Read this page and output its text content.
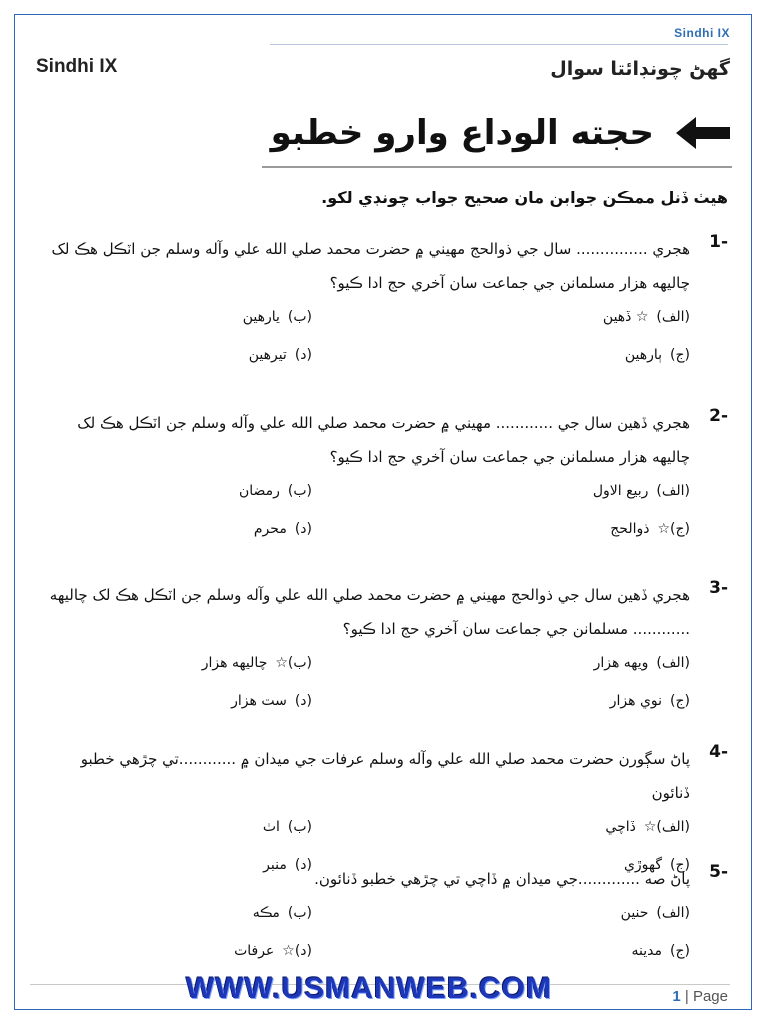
Sindhi IX
Sindhi IX	گهڻ چونڊائتا سوال
حجته الوداع وارو خطبو
هيٺ ڏنل ممڪن جوابن مان صحيح جواب چونڊي لکو.
-1
هجري ............... سال جي ذوالحج مهيني ۾ حضرت محمد صلي الله علي وآله وسلم جن اٽڪل هڪ لک چاليهه هزار مسلمانن جي جماعت سان آخري حج ادا ڪيو؟
(الف)☆ ڏهين
(ب)يارهين
(ج)ٻارهين
(د)تيرهين
-2
هجري ڏهين سال جي ............ مهيني ۾ حضرت محمد صلي الله علي وآله وسلم جن اٽڪل هڪ لک چاليهه هزار مسلمانن جي جماعت سان آخري حج ادا ڪيو؟
(الف)ربيع الاول
(ب)رمضان
(ج)☆ذوالحج
(د)محرم
-3
هجري ڏهين سال جي ذوالحج مهيني ۾ حضرت محمد صلي الله علي وآله وسلم جن اٽڪل هڪ لک چاليهه ............ مسلمانن جي جماعت سان آخري حج ادا ڪيو؟
(الف)ويهه هزار
(ب)☆چاليهه هزار
(ج)نوي هزار
(د)ست هزار
-4
پاڻ سڳورن حضرت محمد صلي الله علي وآله وسلم عرفات جي ميدان ۾ ............تي چڙهي خطبو ڏنائون
(الف)☆ڏاچي
(ب)اٺ
(ج)گهوڙي
(د)منبر	-5
پاڻ صه .............جي ميدان ۾ ڏاچي تي چڙهي خطبو ڏنائون.
(الف)حنين
(ب)مڪه
(ج)مدينه
(د)☆عرفات
WWW.USMANWEB.COM	1 | Page
